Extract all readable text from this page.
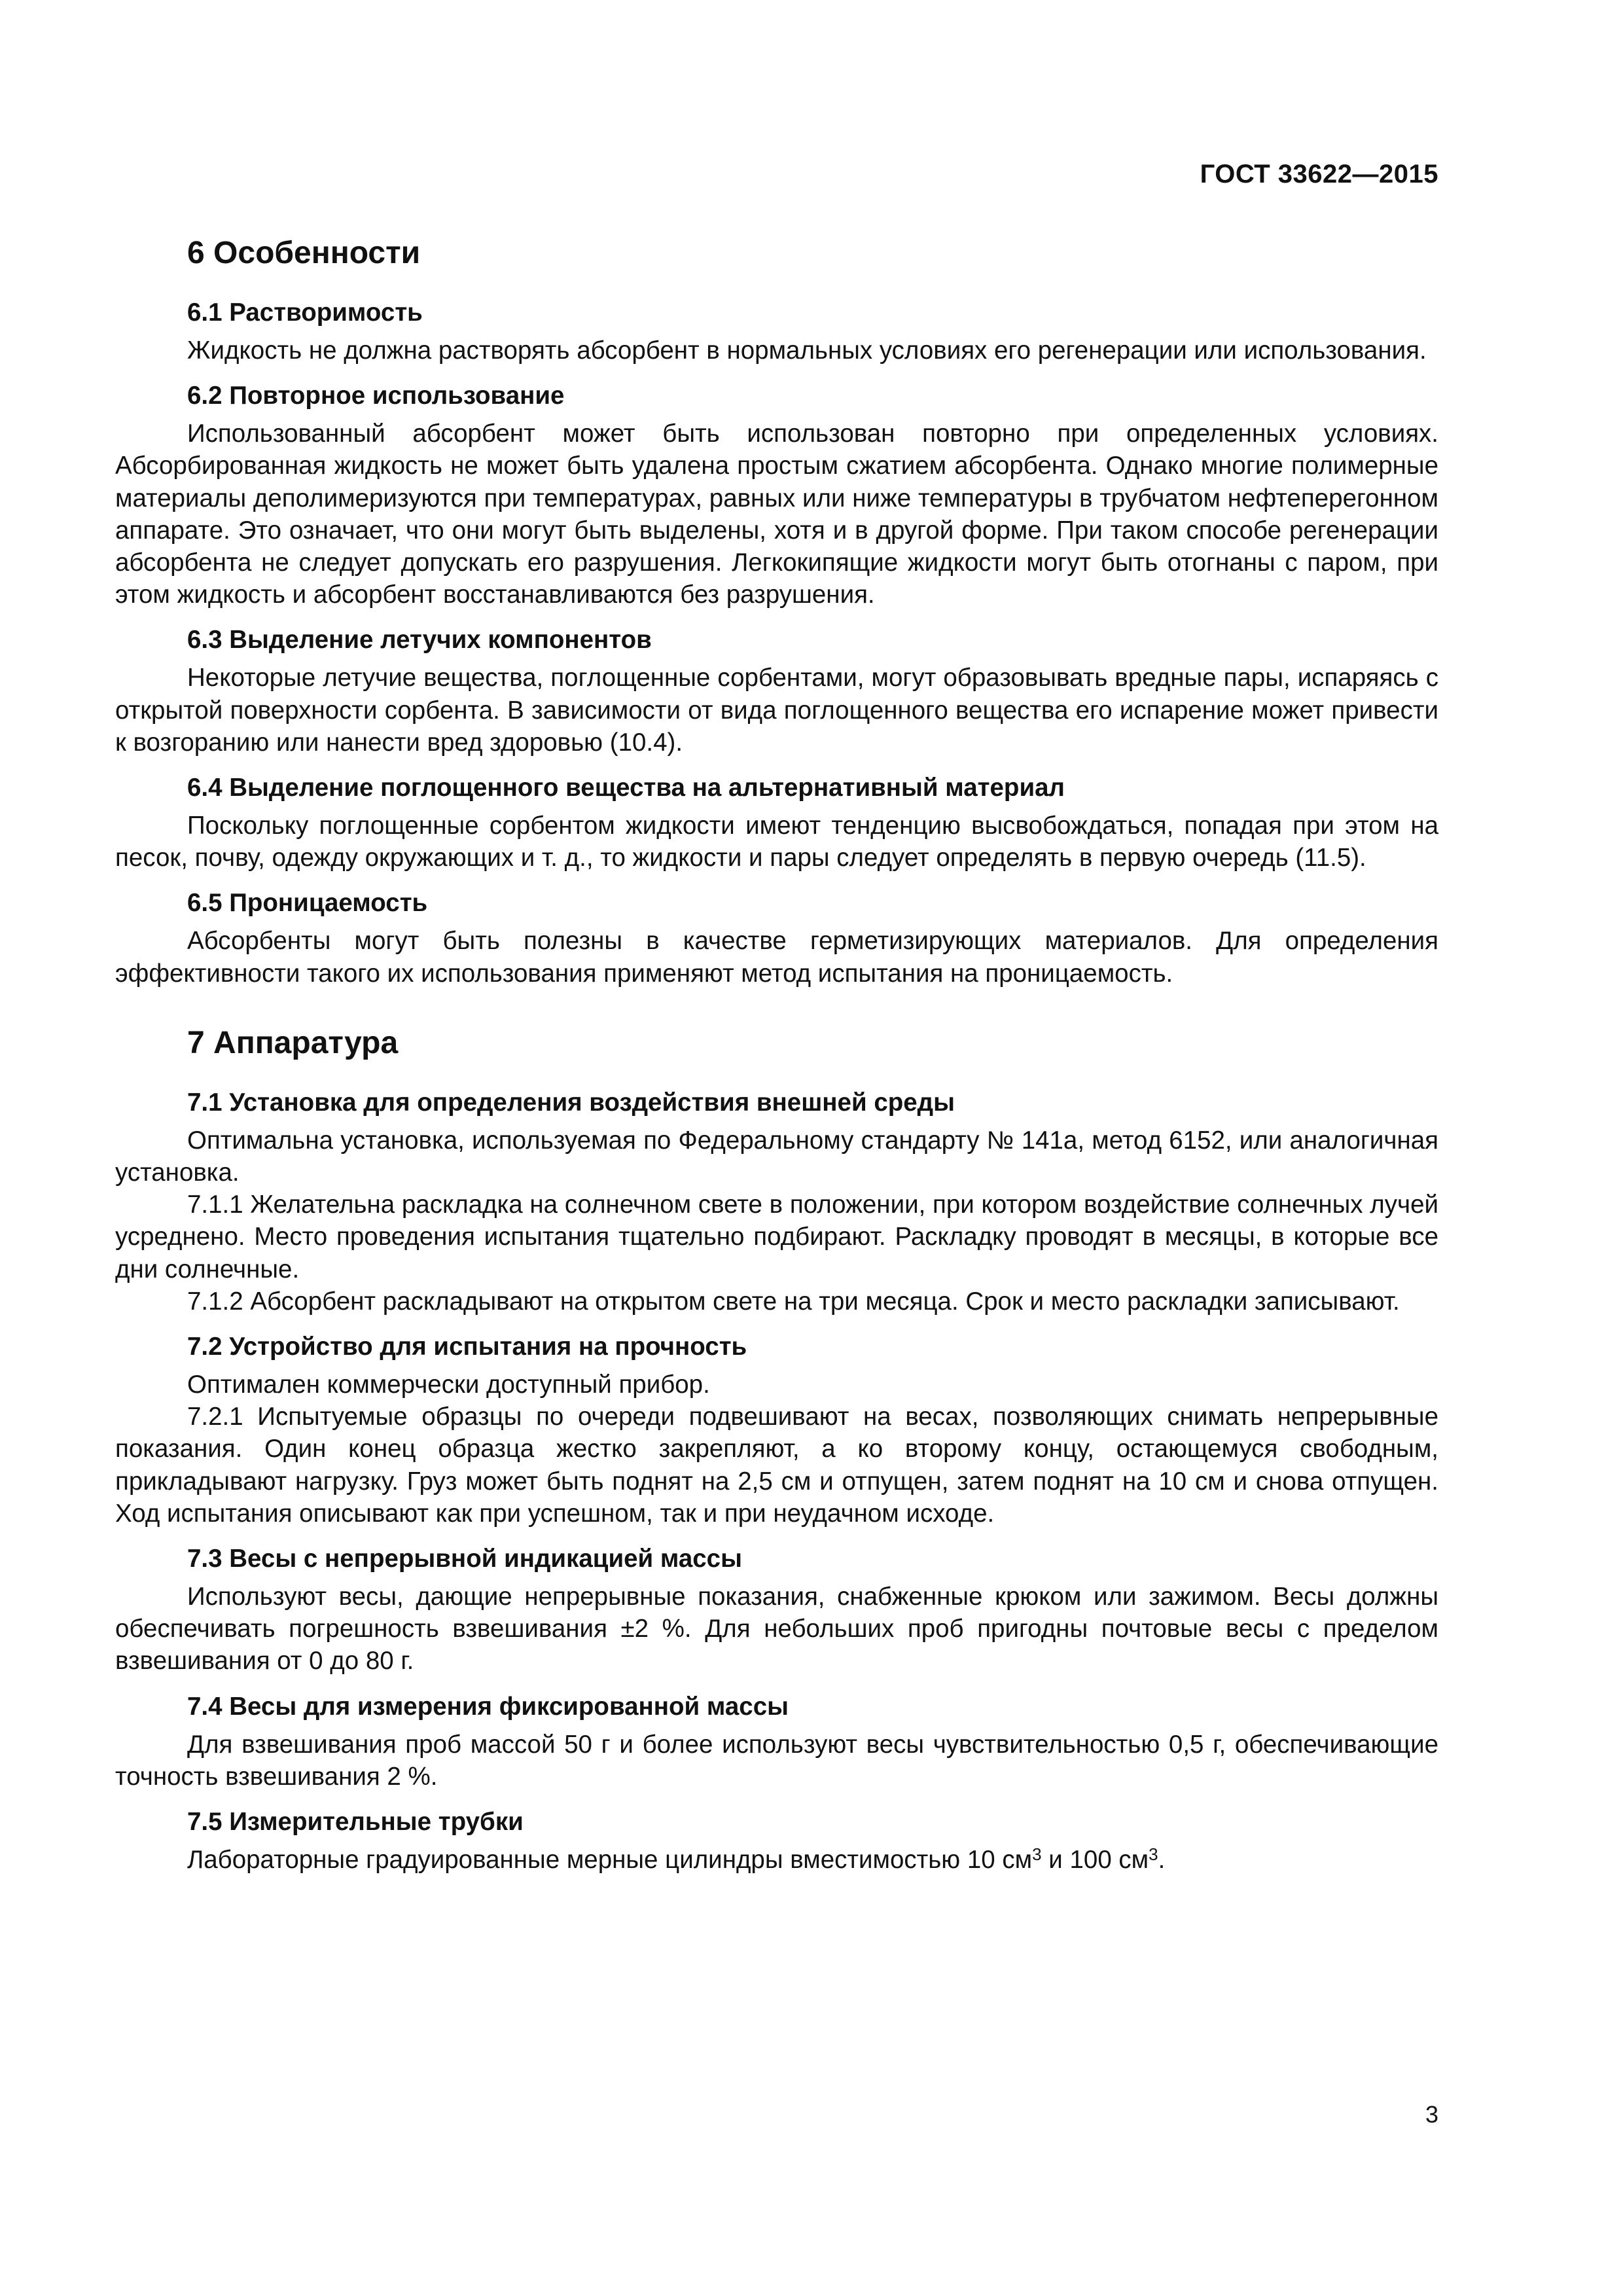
ГОСТ 33622—2015
6 Особенности
6.1 Растворимость

Жидкость не должна растворять абсорбент в нормальных условиях его регенерации или использования.

6.2 Повторное использование

Использованный абсорбент может быть использован повторно при определенных условиях. Абсорбированная жидкость не может быть удалена простым сжатием абсорбента. Однако многие полимерные материалы деполимеризуются при температурах, равных или ниже температуры в трубчатом нефтеперегонном аппарате. Это означает, что они могут быть выделены, хотя и в другой форме. При таком способе регенерации абсорбента не следует допускать его разрушения. Легкокипящие жидкости могут быть отогнаны с паром, при этом жидкость и абсорбент восстанавливаются без разрушения.

6.3 Выделение летучих компонентов

Некоторые летучие вещества, поглощенные сорбентами, могут образовывать вредные пары, испаряясь с открытой поверхности сорбента. В зависимости от вида поглощенного вещества его испарение может привести к возгоранию или нанести вред здоровью (10.4).

6.4 Выделение поглощенного вещества на альтернативный материал

Поскольку поглощенные сорбентом жидкости имеют тенденцию высвобождаться, попадая при этом на песок, почву, одежду окружающих и т. д., то жидкости и пары следует определять в первую очередь (11.5).

6.5 Проницаемость

Абсорбенты могут быть полезны в качестве герметизирующих материалов. Для определения эффективности такого их использования применяют метод испытания на проницаемость.

7 Аппаратура
7.1 Установка для определения воздействия внешней среды

Оптимальна установка, используемая по Федеральному стандарту № 141а, метод 6152, или аналогичная установка.

7.1.1 Желательна раскладка на солнечном свете в положении, при котором воздействие солнечных лучей усреднено. Место проведения испытания тщательно подбирают. Раскладку проводят в месяцы, в которые все дни солнечные.

7.1.2 Абсорбент раскладывают на открытом свете на три месяца. Срок и место раскладки записывают.

7.2 Устройство для испытания на прочность

Оптимален коммерчески доступный прибор.

7.2.1 Испытуемые образцы по очереди подвешивают на весах, позволяющих снимать непрерывные показания. Один конец образца жестко закрепляют, а ко второму концу, остающемуся свободным, прикладывают нагрузку. Груз может быть поднят на 2,5 см и отпущен, затем поднят на 10 см и снова отпущен. Ход испытания описывают как при успешном, так и при неудачном исходе.

7.3 Весы с непрерывной индикацией массы

Используют весы, дающие непрерывные показания, снабженные крюком или зажимом. Весы должны обеспечивать погрешность взвешивания ±2 %. Для небольших проб пригодны почтовые весы с пределом взвешивания от 0 до 80 г.

7.4 Весы для измерения фиксированной массы

Для взвешивания проб массой 50 г и более используют весы чувствительностью 0,5 г, обеспечивающие точность взвешивания 2 %.

7.5 Измерительные трубки

Лабораторные градуированные мерные цилиндры вместимостью 10 $см^3$ и 100 $см^3$.

3
